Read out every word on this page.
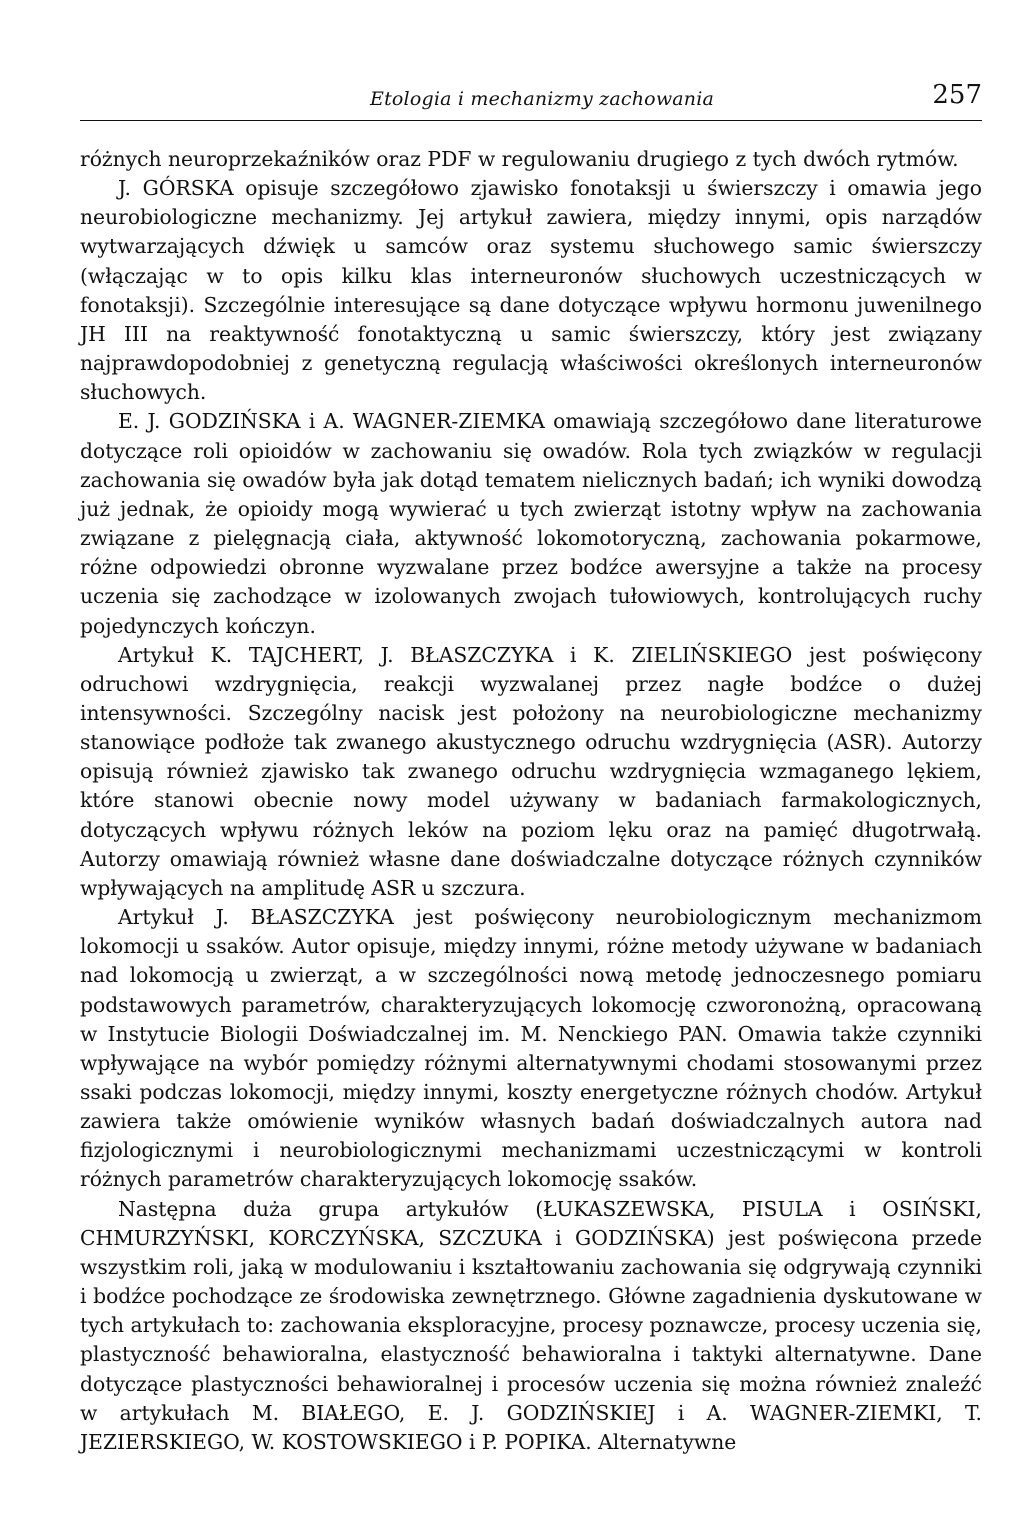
Etologia i mechanizmy zachowania	257

różnych neuroprzekaźników oraz PDF w regulowaniu drugiego z tych dwóch rytmów.

J. GÓRSKA opisuje szczegółowo zjawisko fonotaksji u świerszczy i omawia jego neurobiologiczne mechanizmy. Jej artykuł zawiera, między innymi, opis narządów wytwarzających dźwięk u samców oraz systemu słuchowego samic świerszczy (włączając w to opis kilku klas interneuronów słuchowych uczestniczących w fonotaksji). Szczególnie interesujące są dane dotyczące wpływu hormonu juwenilnego JH III na reaktywność fonotaktyczną u samic świerszczy, który jest związany najprawdopodobniej z genetyczną regulacją właściwości określonych interneuronów słuchowych.

E. J. GODZIŃSKA i A. WAGNER-ZIEMKA omawiają szczegółowo dane literaturowe dotyczące roli opioidów w zachowaniu się owadów. Rola tych związków w regulacji zachowania się owadów była jak dotąd tematem nielicznych badań; ich wyniki dowodzą już jednak, że opioidy mogą wywierać u tych zwierząt istotny wpływ na zachowania związane z pielęgnacją ciała, aktywność lokomotoryczną, zachowania pokarmowe, różne odpowiedzi obronne wyzwalane przez bodźce awersyjne a także na procesy uczenia się zachodzące w izolowanych zwojach tułowiowych, kontrolujących ruchy pojedynczych kończyn.

Artykuł K. TAJCHERT, J. BŁASZCZYKA i K. ZIELIŃSKIEGO jest poświęcony odruchowi wzdrygnięcia, reakcji wyzwalanej przez nagłe bodźce o dużej intensywności. Szczególny nacisk jest położony na neurobiologiczne mechanizmy stanowiące podłoże tak zwanego akustycznego odruchu wzdrygnięcia (ASR). Autorzy opisują również zjawisko tak zwanego odruchu wzdrygnięcia wzmaganego lękiem, które stanowi obecnie nowy model używany w badaniach farmakologicznych, dotyczących wpływu różnych leków na poziom lęku oraz na pamięć długotrwałą. Autorzy omawiają również własne dane doświadczalne dotyczące różnych czynników wpływających na amplitudę ASR u szczura.

Artykuł J. BŁASZCZYKA jest poświęcony neurobiologicznym mechanizmom lokomocji u ssaków. Autor opisuje, między innymi, różne metody używane w badaniach nad lokomocją u zwierząt, a w szczególności nową metodę jednoczesnego pomiaru podstawowych parametrów, charakteryzujących lokomocję czworonożną, opracowaną w Instytucie Biologii Doświadczalnej im. M. Nenckiego PAN. Omawia także czynniki wpływające na wybór pomiędzy różnymi alternatywnymi chodami stosowanymi przez ssaki podczas lokomocji, między innymi, koszty energetyczne różnych chodów. Artykuł zawiera także omówienie wyników własnych badań doświadczalnych autora nad fizjologicznymi i neurobiologicznymi mechanizmami uczestniczącymi w kontroli różnych parametrów charakteryzujących lokomocję ssaków.

Następna duża grupa artykułów (ŁUKASZEWSKA, PISULA i OSIŃSKI, CHMURZYŃSKI, KORCZYŃSKA, SZCZUKA i GODZIŃSKA) jest poświęcona przede wszystkim roli, jaką w modulowaniu i kształtowaniu zachowania się odgrywają czynniki i bodźce pochodzące ze środowiska zewnętrznego. Główne zagadnienia dyskutowane w tych artykułach to: zachowania eksploracyjne, procesy poznawcze, procesy uczenia się, plastyczność behawioralna, elastyczność behawioralna i taktyki alternatywne. Dane dotyczące plastyczności behawioralnej i procesów uczenia się można również znaleźć w artykułach M. BIAŁEGO, E. J. GODZIŃSKIEJ i A. WAGNER-ZIEMKI, T. JEZIERSKIEGO, W. KOSTOWSKIEGO i P. POPIKA. Alternatywne
